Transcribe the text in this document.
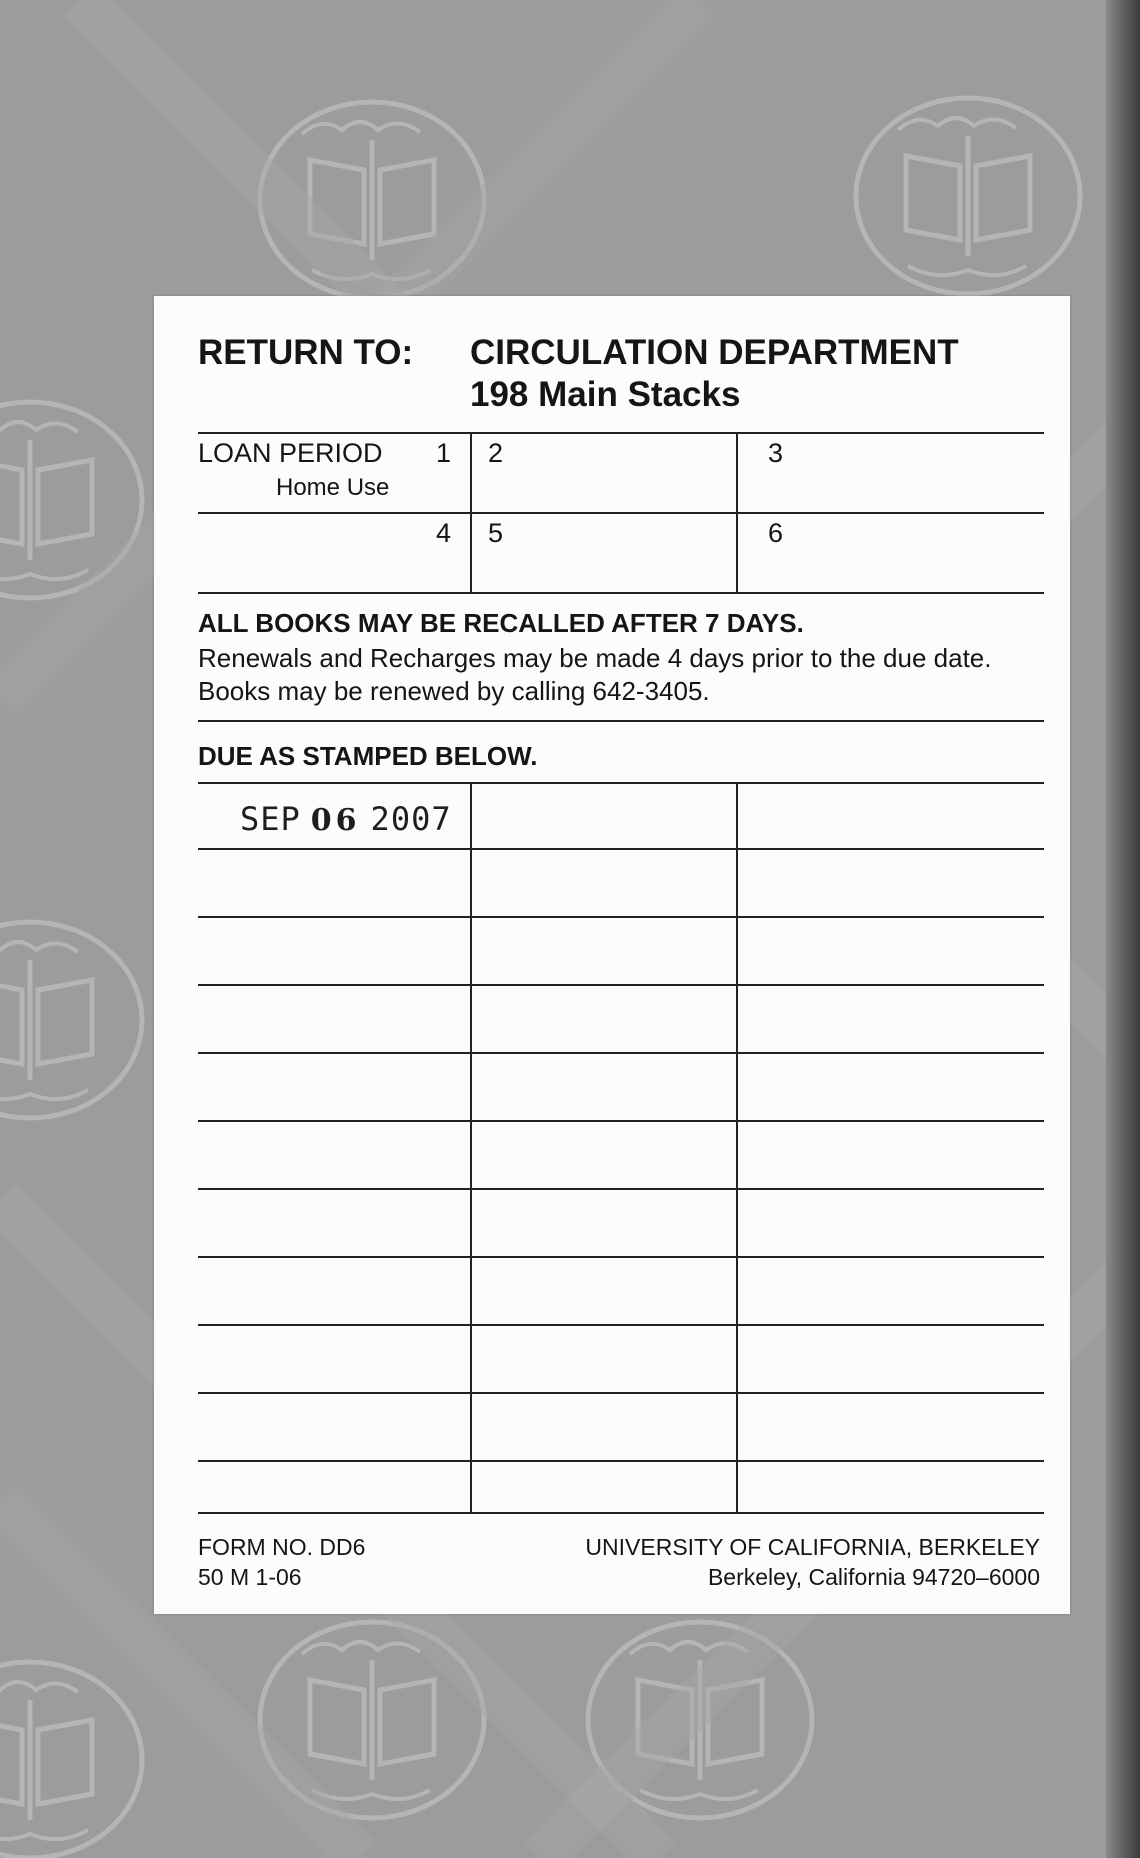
RETURN TO: CIRCULATION DEPARTMENT
198 Main Stacks
LOAN PERIOD
Home Use
1 2	3
4 5	6
ALL BOOKS MAY BE RECALLED AFTER 7 DAYS.
Renewals and Recharges may be made 4 days prior to the due date. Books may be renewed by calling 642-3405.
DUE AS STAMPED BELOW.
SEP 06 2007
FORM NO. DD6
50 M 1-06
UNIVERSITY OF CALIFORNIA, BERKELEY
Berkeley, California 94720–6000
